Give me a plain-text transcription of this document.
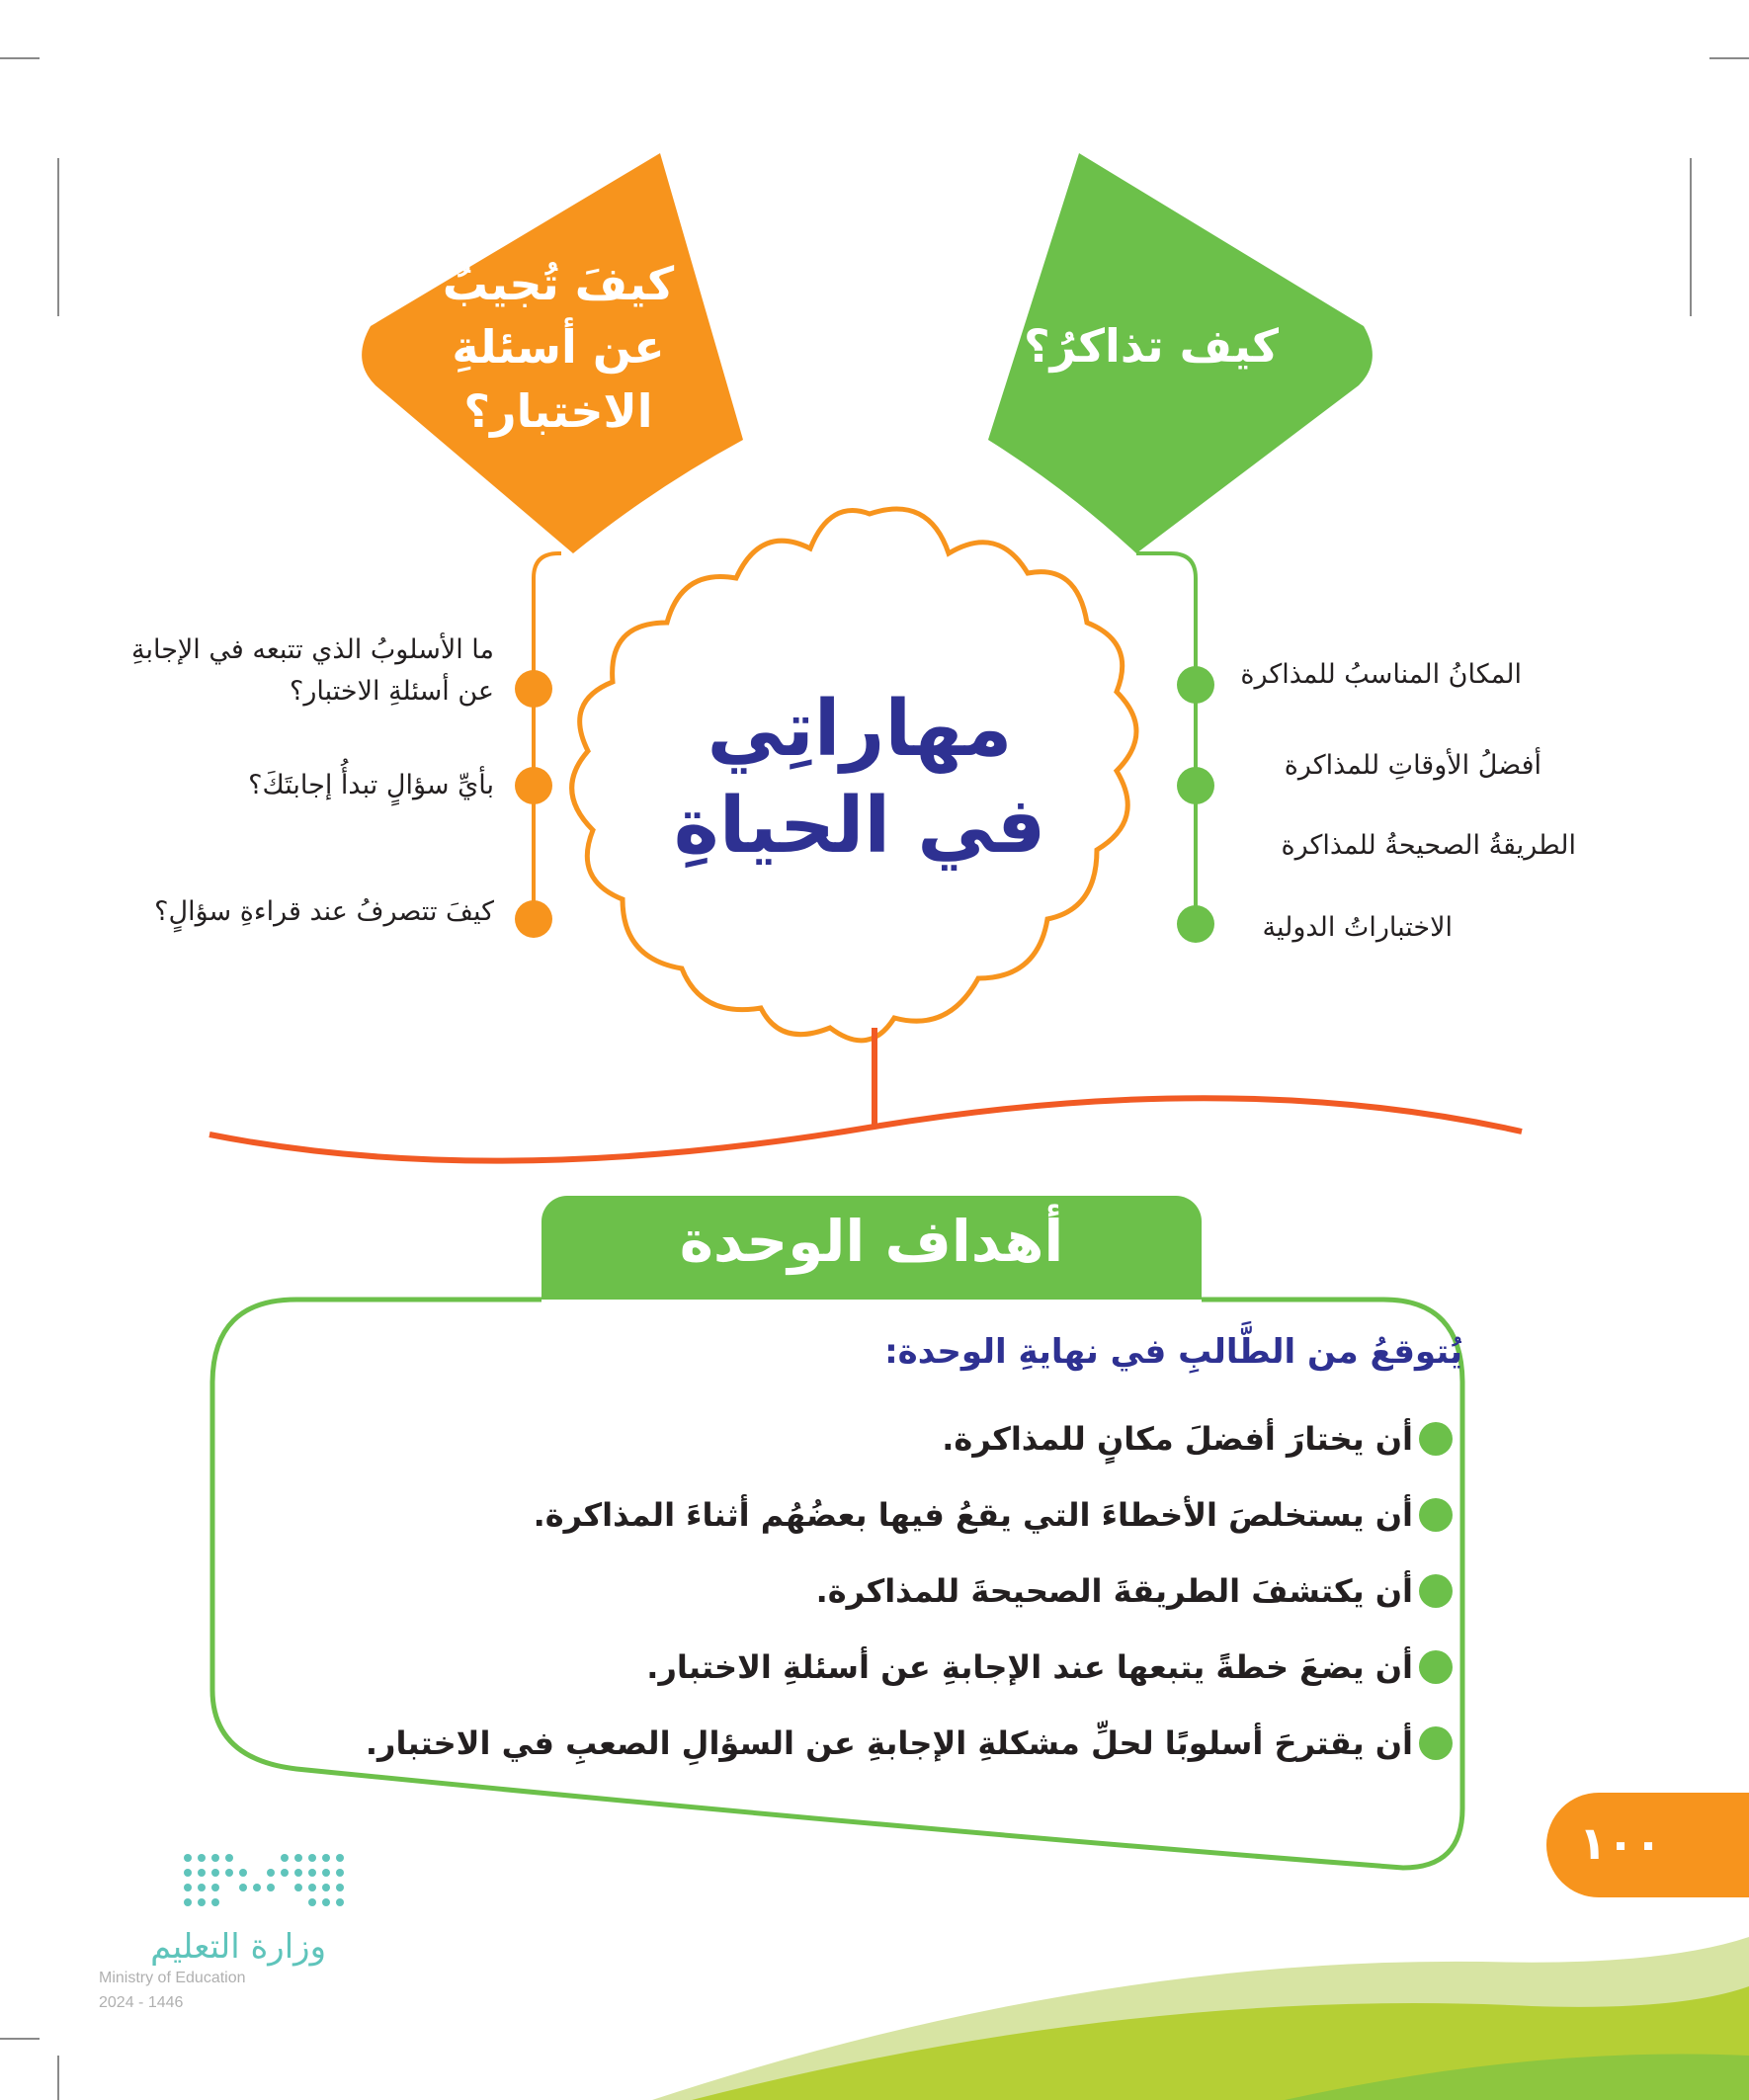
كيفَ تُجيبُ عن أسئلةِ الاختبار؟
كيف تذاكرُ؟
مهاراتِي
في الحياةِ
ما الأسلوبُ الذي تتبعه في الإجابةِ عن أسئلةِ الاختبار؟
بأيِّ سؤالٍ تبدأُ إجابتَكَ؟
كيفَ تتصرفُ عند قراءةِ سؤالٍ؟
المكانُ المناسبُ للمذاكرة
أفضلُ الأوقاتِ للمذاكرة
الطريقةُ الصحيحةُ للمذاكرة
الاختباراتُ الدولية
أهداف الوحدة
يُتوقعُ من الطَّالبِ في نهايةِ الوحدة:
أن يختارَ أفضلَ مكانٍ للمذاكرة.
أن يستخلصَ الأخطاءَ التي يقعُ فيها بعضُهُم أثناءَ المذاكرة.
أن يكتشفَ الطريقةَ الصحيحةَ للمذاكرة.
أن يضعَ خطةً يتبعها عند الإجابةِ عن أسئلةِ الاختبار.
أن يقترحَ أسلوبًا لحلِّ مشكلةِ الإجابةِ عن السؤالِ الصعبِ في الاختبار.
١٠٠
وزارة التعليم
Ministry of Education
2024 - 1446
